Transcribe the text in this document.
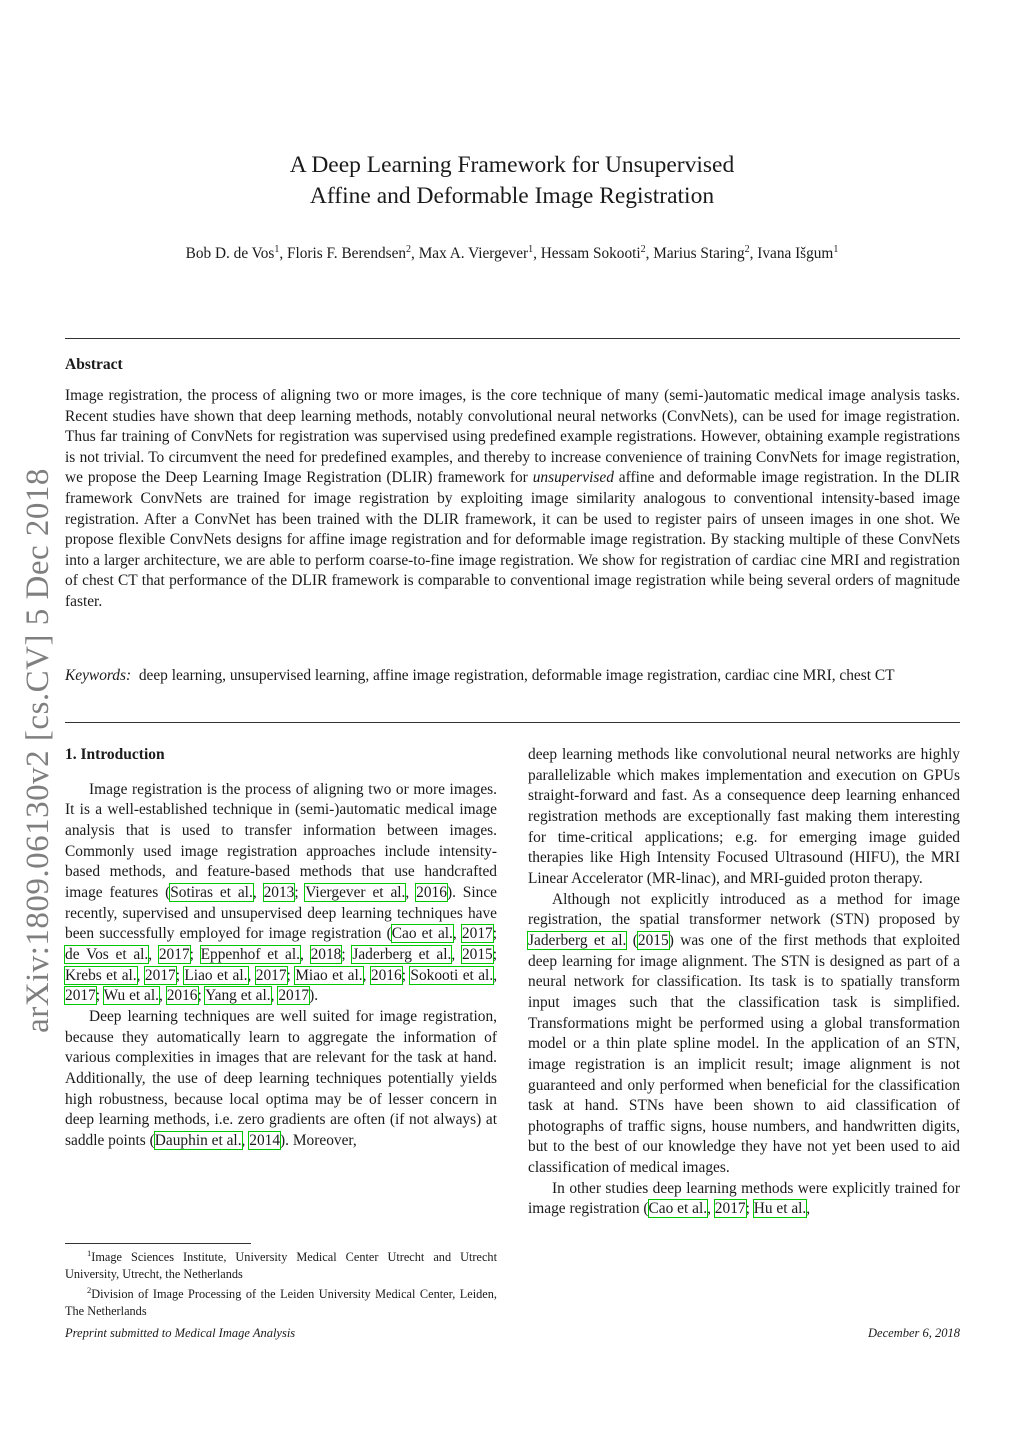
arXiv:1809.06130v2 [cs.CV] 5 Dec 2018
A Deep Learning Framework for Unsupervised
Affine and Deformable Image Registration
Bob D. de Vos$^1$, Floris F. Berendsen$^2$, Max A. Viergever$^1$, Hessam Sokooti$^2$, Marius Staring$^2$, Ivana Išgum$^1$
Abstract

Image registration, the process of aligning two or more images, is the core technique of many (semi-)automatic medical image analysis tasks. Recent studies have shown that deep learning methods, notably convolutional neural networks (ConvNets), can be used for image registration. Thus far training of ConvNets for registration was supervised using predefined example registrations. However, obtaining example registrations is not trivial. To circumvent the need for predefined examples, and thereby to increase convenience of training ConvNets for image registration, we propose the Deep Learning Image Registration (DLIR) framework for unsupervised affine and deformable image registration. In the DLIR framework ConvNets are trained for image registration by exploiting image similarity analogous to conventional intensity-based image registration. After a ConvNet has been trained with the DLIR framework, it can be used to register pairs of unseen images in one shot. We propose flexible ConvNets designs for affine image registration and for deformable image registration. By stacking multiple of these ConvNets into a larger architecture, we are able to perform coarse-to-fine image registration. We show for registration of cardiac cine MRI and registration of chest CT that performance of the DLIR framework is comparable to conventional image registration while being several orders of magnitude faster.

Keywords: deep learning, unsupervised learning, affine image registration, deformable image registration, cardiac cine MRI, chest CT

1. Introduction

Image registration is the process of aligning two or more images. It is a well-established technique in (semi-)automatic medical image analysis that is used to transfer information between images. Commonly used image registration approaches include intensity-based methods, and feature-based methods that use handcrafted image features (Sotiras et al., 2013; Viergever et al., 2016). Since recently, supervised and unsupervised deep learning techniques have been successfully employed for image registration (Cao et al., 2017; de Vos et al., 2017; Eppenhof et al., 2018; Jaderberg et al., 2015; Krebs et al., 2017; Liao et al., 2017; Miao et al., 2016; Sokooti et al., 2017; Wu et al., 2016; Yang et al., 2017).

Deep learning techniques are well suited for image registration, because they automatically learn to aggregate the information of various complexities in images that are relevant for the task at hand. Additionally, the use of deep learning techniques potentially yields high robustness, because local optima may be of lesser concern in deep learning methods, i.e. zero gradients are often (if not always) at saddle points (Dauphin et al., 2014). Moreover,

deep learning methods like convolutional neural networks are highly parallelizable which makes implementation and execution on GPUs straight-forward and fast. As a consequence deep learning enhanced registration methods are exceptionally fast making them interesting for time-critical applications; e.g. for emerging image guided therapies like High Intensity Focused Ultrasound (HIFU), the MRI Linear Accelerator (MR-linac), and MRI-guided proton therapy.

Although not explicitly introduced as a method for image registration, the spatial transformer network (STN) proposed by Jaderberg et al. (2015) was one of the first methods that exploited deep learning for image alignment. The STN is designed as part of a neural network for classification. Its task is to spatially transform input images such that the classification task is simplified. Transformations might be performed using a global transformation model or a thin plate spline model. In the application of an STN, image registration is an implicit result; image alignment is not guaranteed and only performed when beneficial for the classification task at hand. STNs have been shown to aid classification of photographs of traffic signs, house numbers, and handwritten digits, but to the best of our knowledge they have not yet been used to aid classification of medical images.

In other studies deep learning methods were explicitly trained for image registration (Cao et al., 2017; Hu et al.,

$^1$Image Sciences Institute, University Medical Center Utrecht and Utrecht University, Utrecht, the Netherlands

$^2$Division of Image Processing of the Leiden University Medical Center, Leiden, The Netherlands

Preprint submitted to Medical Image Analysis	December 6, 2018
